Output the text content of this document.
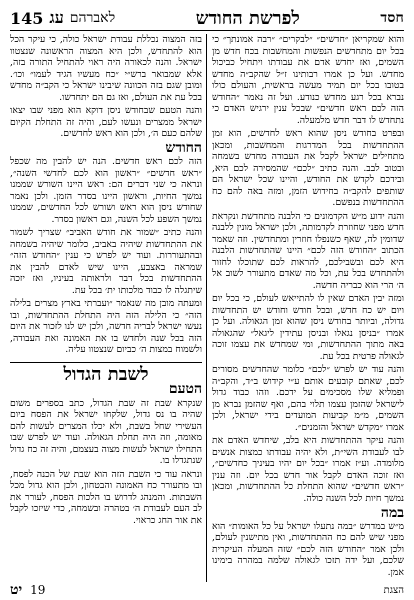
חסד
לפרשת החודש
לאברהם
עג
145

והוא שמקריאן ״חדשים״ ״לבקרים״ ״רבה אמונתך״ כי בכל יום מתחדשים הנפשות והמחשבות בכח חדש מן השמים, ואז יחדש אדם את עבודתו ויתחיל כביכול מחדש. ועל כן אמרו רבותינו ז״ל שהקב״ה מחדש בטובו בכל יום תמיד מעשה בראשית, והעולם כולו נברא בכל רגע מחדש כנודע. ועל זה נאמר ״החודש הזה לכם ראש חדשים״ שבכל ענין ירגיש האדם כי נתחדש לו דבר חדש מלמעלה.

ובפרט בחודש ניסן שהוא ראש לחדשים, הוא זמן ההתחדשות בכל המדרגות והמחשבות, ומכאן מתחילים ישראל לקבל את העבודה מחדש בשמחה ובטוב לבב. והנה כתיב ״לכם״ שהמסירה לכם היא, ובידכם לקדש את החודש, והיינו שכל ישראל הם שותפים להקב״ה בחידוש הזמן, ומזה באה להם כח ההתחדשות בנפשם.

והנה ידוע מ״ש הקדמונים כי הלבנה מתחדשת ונקראת חדש מפני שחוזרת לקדמותה, ולכן ישראל מונין ללבנה שדומין לה, שאף כשנפלו חוזרין ומתחדשין. וזה שאמר הכתוב ״החודש הזה לכם״ היינו שהתחדשות הלבנה היא לכם ובשבילכם, להראות לכם שתוכלו לחזור ולהתחדש בכל עת, וכל מה שאדם מתעורר לשוב אל ה׳ הרי הוא כבריה חדשה.

ומזה יבין האדם שאין לו להתייאש לעולם, כי בכל יום ויום יש כח חדש, ובכל חודש וחודש יש התחדשות גדולה, וביותר בחודש ניסן שהוא זמן הגאולה. ועל כן אמרו ״בניסן נגאלו ובניסן עתידין ליגאל״ שהגאולה באה מתוך ההתחדשות, ומי שמחדש את עצמו זוכה לגאולה פרטית בכל עת.

והנה עוד יש לפרש ״לכם״ כלומר שהחדשים מסורים לכם, שאתם קובעים אותם ע״י קידוש ב״ד, והקב״ה ופמליא שלו מסכימים על ידכם. וזהו כבוד גדול לישראל שהזמן עצמו תלוי בהם, ואף שהזמן נברא מן השמים, מ״מ קביעות המועדים בידי ישראל, ולכן אמרו ״מקדש ישראל והזמנים״.

והנה עיקר ההתחדשות היא בלב, שיחדש האדם את לבו לעבודת השי״ת, ולא יהיה עבודתו כמצות אנשים מלומדה. וע״ז אמרו ״בכל יום יהיו בעיניך כחדשים״, ואז זוכה האדם לקבל אור חדש בכל יום. וזה ענין ״ראש חדשים״ שהוא התחלת כל ההתחדשות, ומכאן נמשך חיות לכל השנה כולה.

במה

מ״ש במדרש ״במה נתעלו ישראל על כל האומות״ הוא מפני שיש להם כח ההתחדשות, ואין מתישנין לעולם, ולכן אמר ״החודש הזה לכם״ שזה המעלה העיקרית שלכם, ועל ידה תזכו לגאולה שלמה במהרה בימינו אמן.

בזה המצוה נכללת עבודת ישראל כולה, כי עיקר הכל הוא להתחדש, ולכן היא המצוה הראשונה שנצטוו ישראל. והנה לכאורה היה ראוי להתחיל התורה בזה, אלא שמבואר ברש״י ״כח מעשיו הגיד לעמו״ וכו׳. ומובן שגם בזה הכוונה שיבינו ישראל כי הקב״ה מחדש בכל עת את העולם, ואז גם הם יתחדשו.

והנה הטעם שבחודש ניסן דוקא הוא מפני שבו יצאו ישראל ממצרים ונעשו לעם, והיה זה התחלת הקיום שלהם כעם ה׳, ולכן הוא ראש לחדשים.

החודש

הזה לכם ראש חדשים. הנה יש להבין מה שכפל ״ראש חדשים״ ״ראשון הוא לכם לחדשי השנה״, ונראה כי שני דברים הם: ראש היינו השורש שממנו נמשך החיות, וראשון היינו בסדר הזמן. ולכן נאמר שחודש ניסן הוא ראש ושורש לכל החדשים, שממנו נמשך השפע לכל השנה, וגם ראשון בסדר.

והנה כתיב ״שמור את חודש האביב״ שצריך לשמור את ההתחדשות שיהיה באביב, כלומר שיהיה בשמחה ובהתעוררות. ועוד יש לפרש כי ענין ״החודש הזה״ שמראה באצבע, היינו שיש לאדם להבין את ההתחדשות בכל דבר ולראותה בעיניו, ואז יזכה שיתגלה לו כבוד מלכותו ית׳ בכל עת.

ומעתה מובן מה שנאמר ״ועברתי בארץ מצרים בלילה הזה״ כי הלילה הזה היה התחלת ההתחדשות, ובו נעשו ישראל לבריה חדשה, ולכן יש לנו לזכור את היום הזה בכל שנה ולחדש בו את האמונה ואת העבודה, ולשמוח במצות ה׳ כביום שנצטוו עליה.

לשבת הגדול
הטעם

שנקרא שבת זה שבת הגדול, כתב בספרים משום שהיה בו נס גדול, שלקחו ישראל את הפסח ביום העשירי שחל בשבת, ולא יכלו המצרים לעשות להם מאומה, וזה היה תחלת הגאולה. ועוד יש לפרש שבו התחילו ישראל לעשות מצוה בעצמם, והיה זה כח גדול שנתגדלו בו.

ונראה עוד כי השבת הזה הוא שבת של הכנה לפסח, ובו מתעורר כח האמונה והבטחון, ולכן הוא גדול מכל השבתות. והמנהג לדרוש בו הלכות הפסח, לעורר את לב העם לעבודת ה׳ בטהרה ובשמחה, כדי שיזכו לקבל את אור החג כראוי.

הצגת
19
יט
